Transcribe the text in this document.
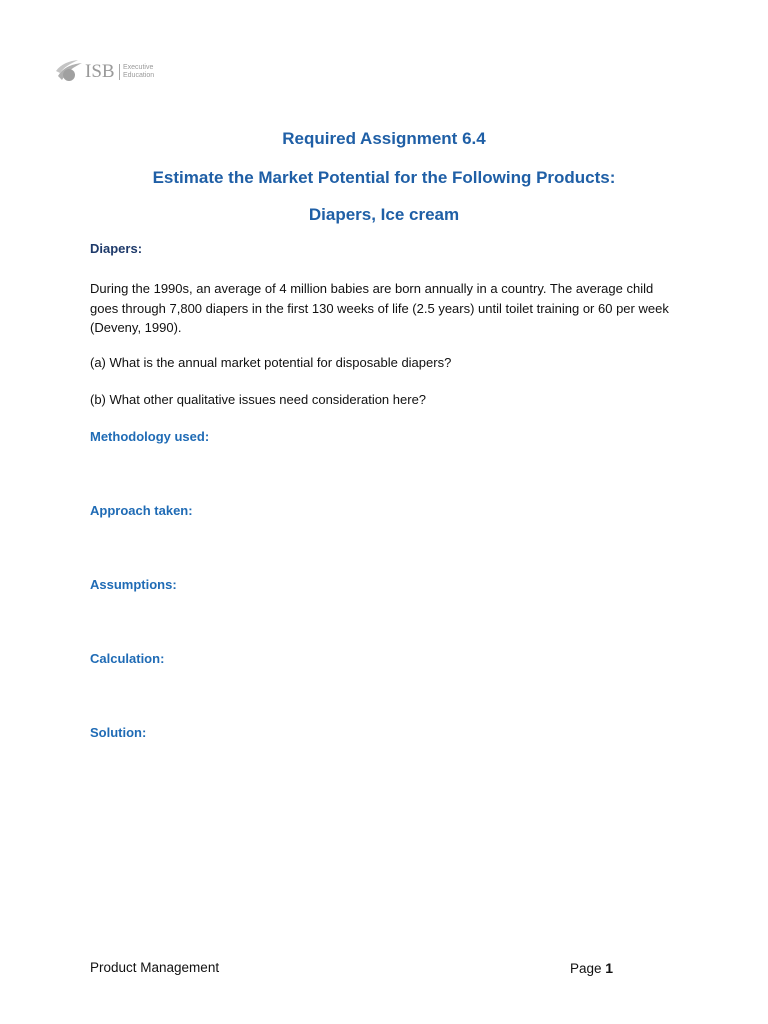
ISB Executive
Education
Required Assignment 6.4
Estimate the Market Potential for the Following Products:
Diapers, Ice cream
Diapers:
During the 1990s, an average of 4 million babies are born annually in a country. The average child goes through 7,800 diapers in the first 130 weeks of life (2.5 years) until toilet training or 60 per week (Deveny, 1990).
(a) What is the annual market potential for disposable diapers?
(b) What other qualitative issues need consideration here?
Methodology used:
Approach taken:
Assumptions:
Calculation:
Solution:
Product Management	Page 1
